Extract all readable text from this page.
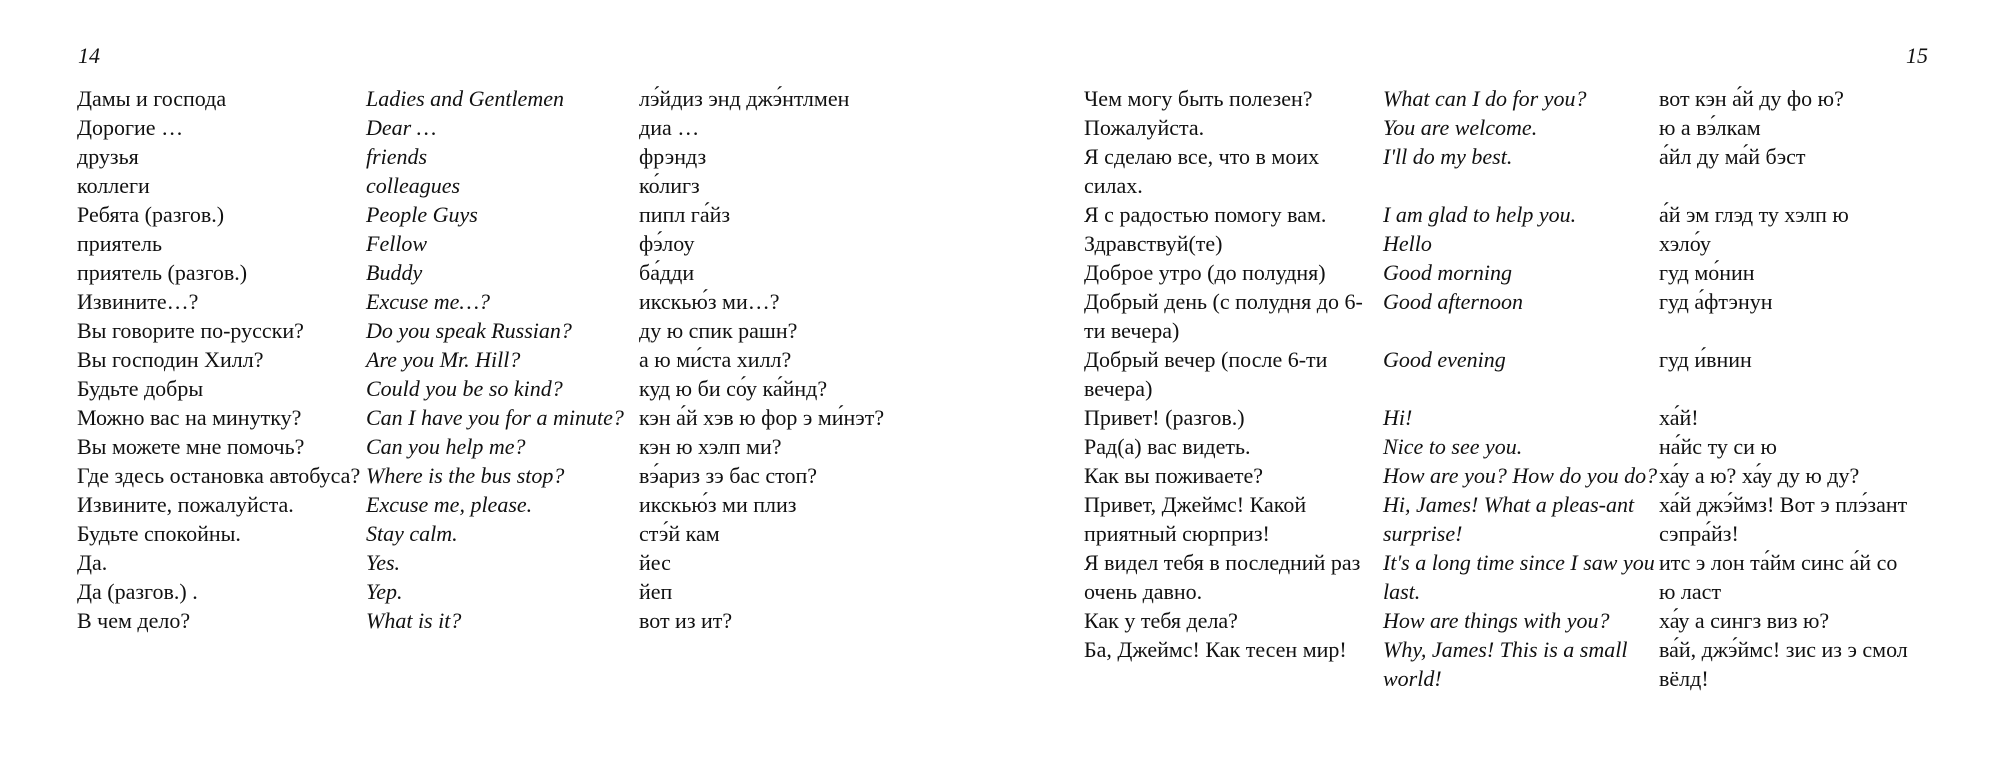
14
Дамы и господа	Ladies and Gentlemen	лэ́йдиз энд джэ́нтлмен
Дорогие …	Dear …	диа …
друзья	friends	фрэндз
коллеги	colleagues	ко́лигз
Ребята (разгов.)	People Guys	пипл га́йз
приятель	Fellow	фэ́лоу
приятель (разгов.)	Buddy	ба́дди
Извините…?	Excuse me…?	икскью́з ми…?
Вы говорите по-русски?	Do you speak Russian?	ду ю спик рашн?
Вы господин Хилл?	Are you Mr. Hill?	а ю ми́ста хилл?
Будьте добры	Could you be so kind?	куд ю би со́у ка́йнд?
Можно вас на минутку?	Can I have you for a minute?	кэн а́й хэв ю фор э ми́нэт?
Вы можете мне помочь?	Can you help me?	кэн ю хэлп ми?
Где здесь остановка автобуса?	Where is the bus stop?	вэ́ариз зэ бас стоп?
Извините, пожалуйста.	Excuse me, please.	икскью́з ми плиз
Будьте спокойны.	Stay calm.	стэ́й кам
Да.	Yes.	йес
Да (разгов.) .	Yep.	йеп
В чем дело?	What is it?	вот из ит?
15
Чем могу быть полезен?	What can I do for you?	вот кэн а́й ду фо ю?
Пожалуйста.	You are welcome.	ю а вэ́лкам
Я сделаю все, что в моих силах.	I'll do my best.	а́йл ду ма́й бэст
Я с радостью помогу вам.	I am glad to help you.	а́й эм глэд ту хэлп ю
Здравствуй(те)	Hello	хэло́у
Доброе утро (до полудня)	Good morning	гуд мо́нин
Добрый день (с полудня до 6-ти вечера)	Good afternoon	гуд а́фтэнун
Добрый вечер (после 6-ти вечера)	Good evening	гуд и́внин
Привет! (разгов.)	Hi!	ха́й!
Рад(а) вас видеть.	Nice to see you.	на́йс ту си ю
Как вы поживаете?	How are you? How do you do?	ха́у а ю? ха́у ду ю ду?
Привет, Джеймс! Какой приятный сюрприз!	Hi, James! What a pleas-ant surprise!	ха́й джэ́ймз! Вот э плэ́зант сэпра́йз!
Я видел тебя в последний раз очень давно.	It's a long time since I saw you last.	итс э лон та́йм синс а́й со ю ласт
Как у тебя дела?	How are things with you?	ха́у а сингз виз ю?
Ба, Джеймс! Как тесен мир!	Why, James! This is a small world!	ва́й, джэ́ймс! зис из э смол вёлд!
